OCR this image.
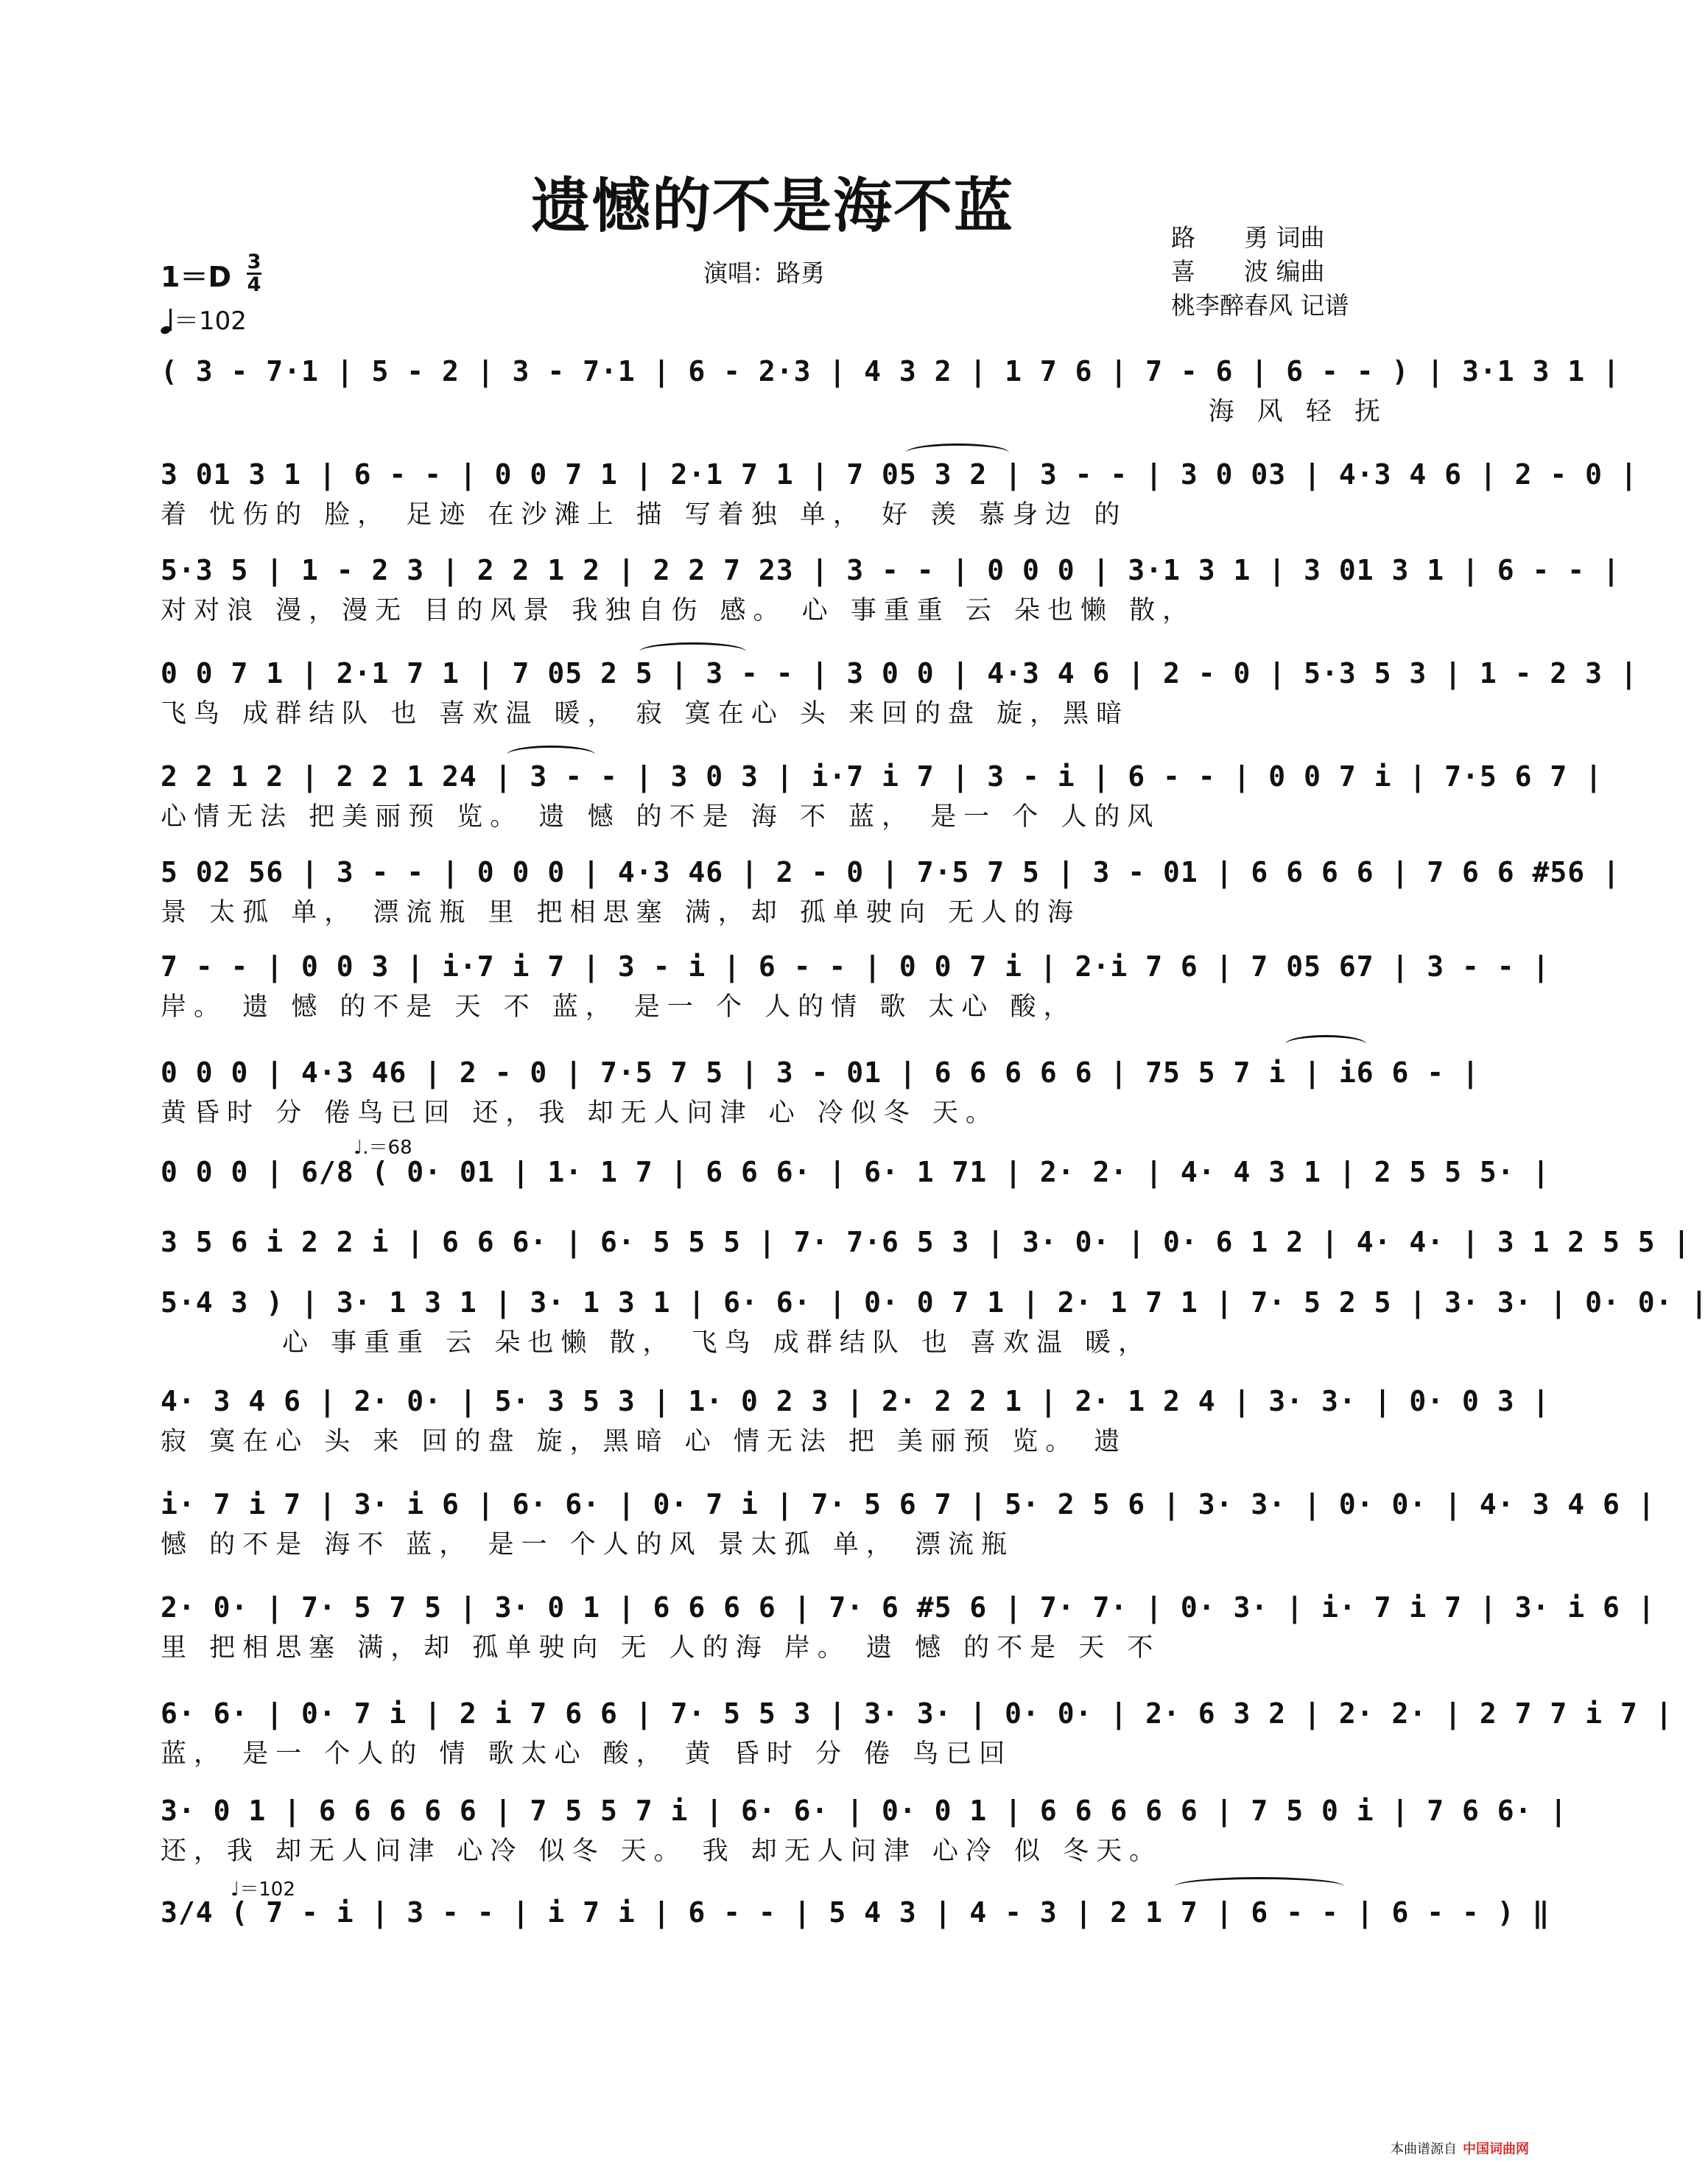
遗憾的不是海不蓝	路　　勇 词曲
喜　　波 编曲
桃李醉春风 记谱
演唱：路勇
1＝D 3
4
＝102
( 3 - 7·1 | 5 - 2 | 3 - 7·1 | 6 - 2·3 | 4 3 2 | 1 7 6 | 7 - 6 | 6 - - ) | 3·1 3 1 |
海 风 轻 抚
3 01 3 1 | 6 - - | 0 0 7 1 | 2·1 7 1 | 7 05 3 2 | 3 - - | 3 0 03 | 4·3 4 6 | 2 - 0 |
着 忧伤的 脸， 足迹 在沙滩上 描 写着独 单， 好 羡 慕身边 的
5·3 5 | 1 - 2 3 | 2 2 1 2 | 2 2 7 23 | 3 - - | 0 0 0 | 3·1 3 1 | 3 01 3 1 | 6 - - |
对对浪 漫，漫无 目的风景 我独自伤 感。 心 事重重 云 朵也懒 散，
0 0 7 1 | 2·1 7 1 | 7 05 2 5 | 3 - - | 3 0 0 | 4·3 4 6 | 2 - 0 | 5·3 5 3 | 1 - 2 3 |
飞鸟 成群结队 也 喜欢温 暖， 寂 寞在心 头 来回的盘 旋，黑暗
2 2 1 2 | 2 2 1 24 | 3 - - | 3 0 3 | i·7 i 7 | 3 - i | 6 - - | 0 0 7 i | 7·5 6 7 |
心情无法 把美丽预 览。 遗 憾 的不是 海 不 蓝， 是一 个 人的风
5 02 56 | 3 - - | 0 0 0 | 4·3 46 | 2 - 0 | 7·5 7 5 | 3 - 01 | 6 6 6 6 | 7 6 6 #56 |
景 太孤 单， 漂流瓶 里 把相思塞 满，却 孤单驶向 无人的海
7 - - | 0 0 3 | i·7 i 7 | 3 - i | 6 - - | 0 0 7 i | 2·i 7 6 | 7 05 67 | 3 - - |
岸。 遗 憾 的不是 天 不 蓝， 是一 个 人的情 歌 太心 酸，
0 0 0 | 4·3 46 | 2 - 0 | 7·5 7 5 | 3 - 01 | 6 6 6 6 6 | 75 5 7 i | i6 6 - |
黄昏时 分 倦鸟已回 还，我 却无人问津 心 冷似冬 天。
♩.＝68
0 0 0 | 6/8 ( 0· 01 | 1· 1 7 | 6 6 6· | 6· 1 71 | 2· 2· | 4· 4 3 1 | 2 5 5 5· |
3 5 6 i 2 2 i | 6 6 6· | 6· 5 5 5 | 7· 7·6 5 3 | 3· 0· | 0· 6 1 2 | 4· 4· | 3 1 2 5 5 |
5·4 3 ) | 3· 1 3 1 | 3· 1 3 1 | 6· 6· | 0· 0 7 1 | 2· 1 7 1 | 7· 5 2 5 | 3· 3· | 0· 0· |
心 事重重 云 朵也懒 散， 飞鸟 成群结队 也 喜欢温 暖，
4· 3 4 6 | 2· 0· | 5· 3 5 3 | 1· 0 2 3 | 2· 2 2 1 | 2· 1 2 4 | 3· 3· | 0· 0 3 |
寂 寞在心 头 来 回的盘 旋，黑暗 心 情无法 把 美丽预 览。 遗
i· 7 i 7 | 3· i 6 | 6· 6· | 0· 7 i | 7· 5 6 7 | 5· 2 5 6 | 3· 3· | 0· 0· | 4· 3 4 6 |
憾 的不是 海不 蓝， 是一 个人的风 景太孤 单， 漂流瓶
2· 0· | 7· 5 7 5 | 3· 0 1 | 6 6 6 6 | 7· 6 #5 6 | 7· 7· | 0· 3· | i· 7 i 7 | 3· i 6 |
里 把相思塞 满，却 孤单驶向 无 人的海 岸。 遗 憾 的不是 天 不
6· 6· | 0· 7 i | 2 i 7 6 6 | 7· 5 5 3 | 3· 3· | 0· 0· | 2· 6 3 2 | 2· 2· | 2 7 7 i 7 |
蓝， 是一 个人的 情 歌太心 酸， 黄 昏时 分 倦 鸟已回
3· 0 1 | 6 6 6 6 6 | 7 5 5 7 i | 6· 6· | 0· 0 1 | 6 6 6 6 6 | 7 5 0 i | 7 6 6· |
还，我 却无人问津 心冷 似冬 天。 我 却无人问津 心冷 似 冬天。
♩＝102
3/4 ( 7 - i | 3 - - | i 7 i | 6 - - | 5 4 3 | 4 - 3 | 2 1 7 | 6 - - | 6 - - ) ‖
本曲谱源自 中国词曲网
